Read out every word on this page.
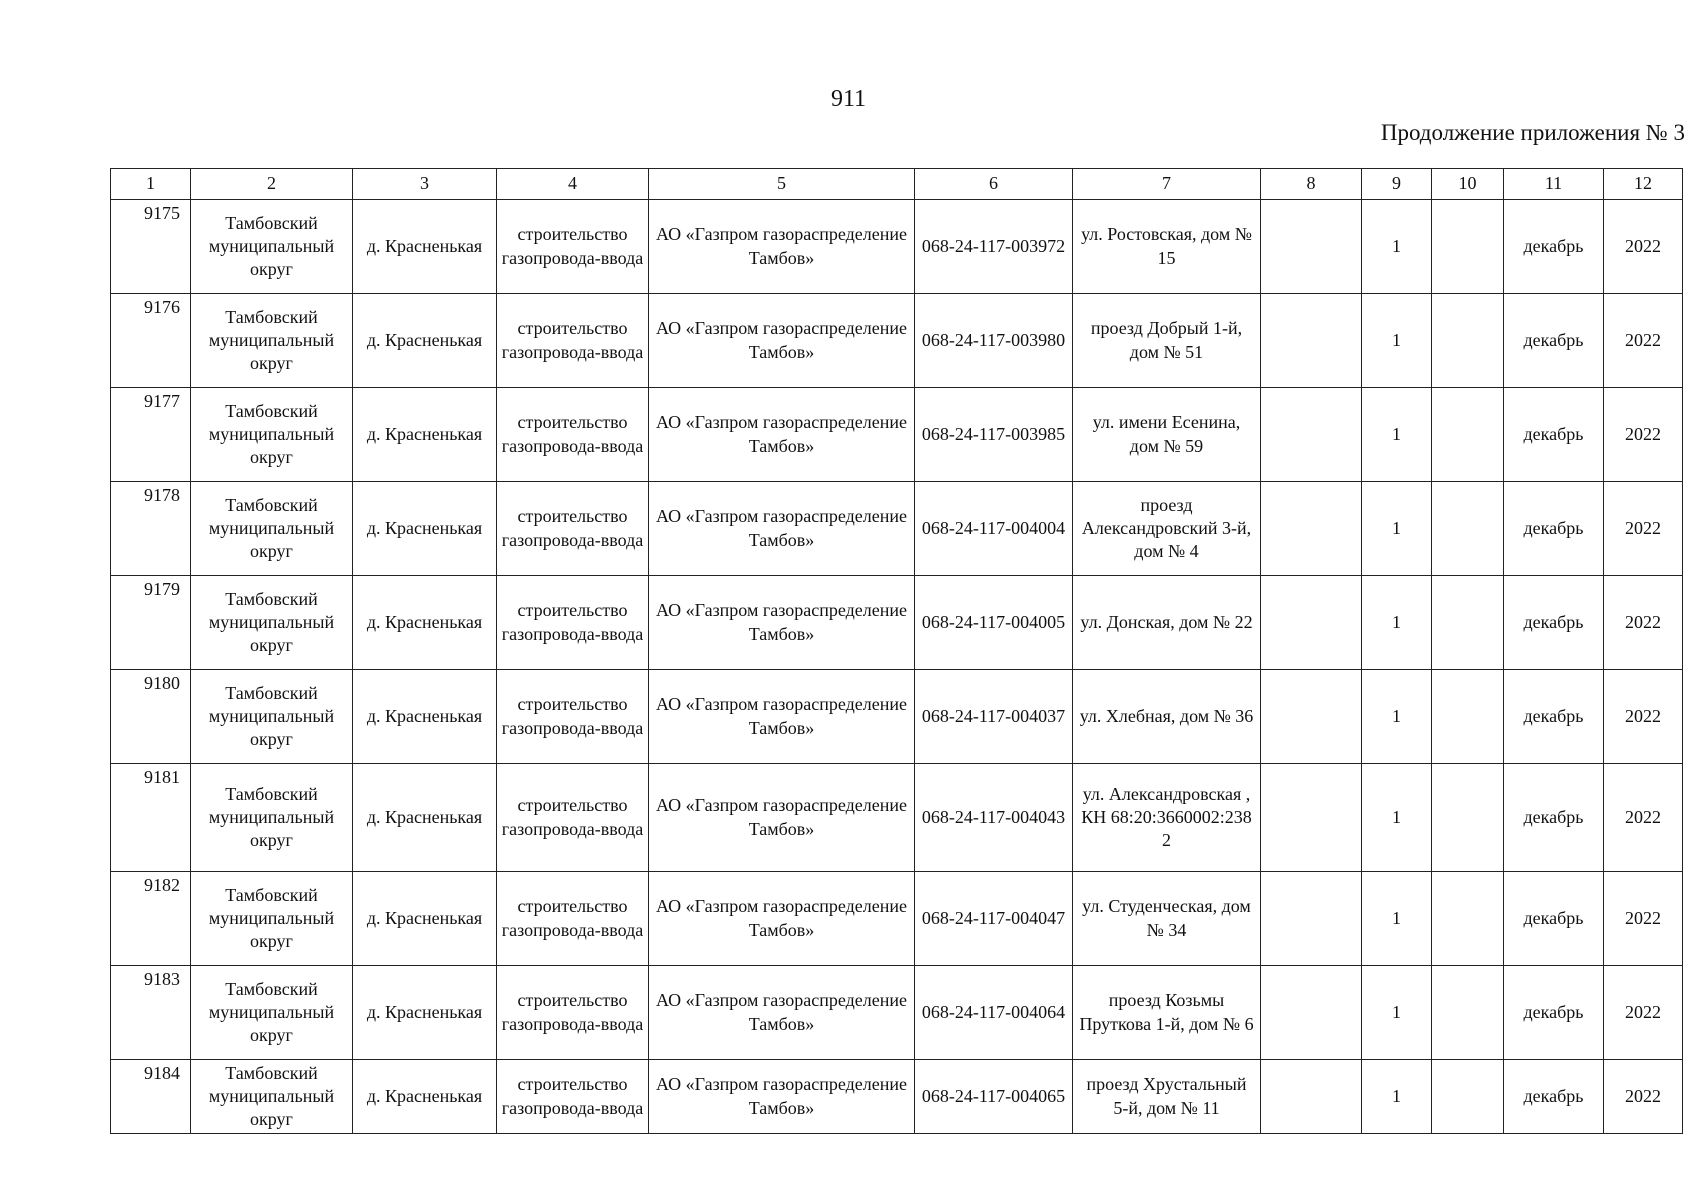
911
Продолжение приложения № 3
1	2	3	4	5	6	7	8	9	10	11	12
9175	Тамбовский муниципальный округ	д. Красненькая	строительство газопровода-ввода	АО «Газпром газораспределение Тамбов»	068-24-117-003972	ул. Ростовская, дом № 15		1		декабрь	2022
9176	Тамбовский муниципальный округ	д. Красненькая	строительство газопровода-ввода	АО «Газпром газораспределение Тамбов»	068-24-117-003980	проезд Добрый 1-й, дом № 51		1		декабрь	2022
9177	Тамбовский муниципальный округ	д. Красненькая	строительство газопровода-ввода	АО «Газпром газораспределение Тамбов»	068-24-117-003985	ул. имени Есенина, дом № 59		1		декабрь	2022
9178	Тамбовский муниципальный округ	д. Красненькая	строительство газопровода-ввода	АО «Газпром газораспределение Тамбов»	068-24-117-004004	проезд Александровский 3-й, дом № 4		1		декабрь	2022
9179	Тамбовский муниципальный округ	д. Красненькая	строительство газопровода-ввода	АО «Газпром газораспределение Тамбов»	068-24-117-004005	ул. Донская, дом № 22		1		декабрь	2022
9180	Тамбовский муниципальный округ	д. Красненькая	строительство газопровода-ввода	АО «Газпром газораспределение Тамбов»	068-24-117-004037	ул. Хлебная, дом № 36		1		декабрь	2022
9181	Тамбовский муниципальный округ	д. Красненькая	строительство газопровода-ввода	АО «Газпром газораспределение Тамбов»	068-24-117-004043	ул. Александровская , КН 68:20:3660002:238 2		1		декабрь	2022
9182	Тамбовский муниципальный округ	д. Красненькая	строительство газопровода-ввода	АО «Газпром газораспределение Тамбов»	068-24-117-004047	ул. Студенческая, дом № 34		1		декабрь	2022
9183	Тамбовский муниципальный округ	д. Красненькая	строительство газопровода-ввода	АО «Газпром газораспределение Тамбов»	068-24-117-004064	проезд Козьмы Пруткова 1-й, дом № 6		1		декабрь	2022
9184	Тамбовский муниципальный округ	д. Красненькая	строительство газопровода-ввода	АО «Газпром газораспределение Тамбов»	068-24-117-004065	проезд Хрустальный 5-й, дом № 11		1		декабрь	2022
